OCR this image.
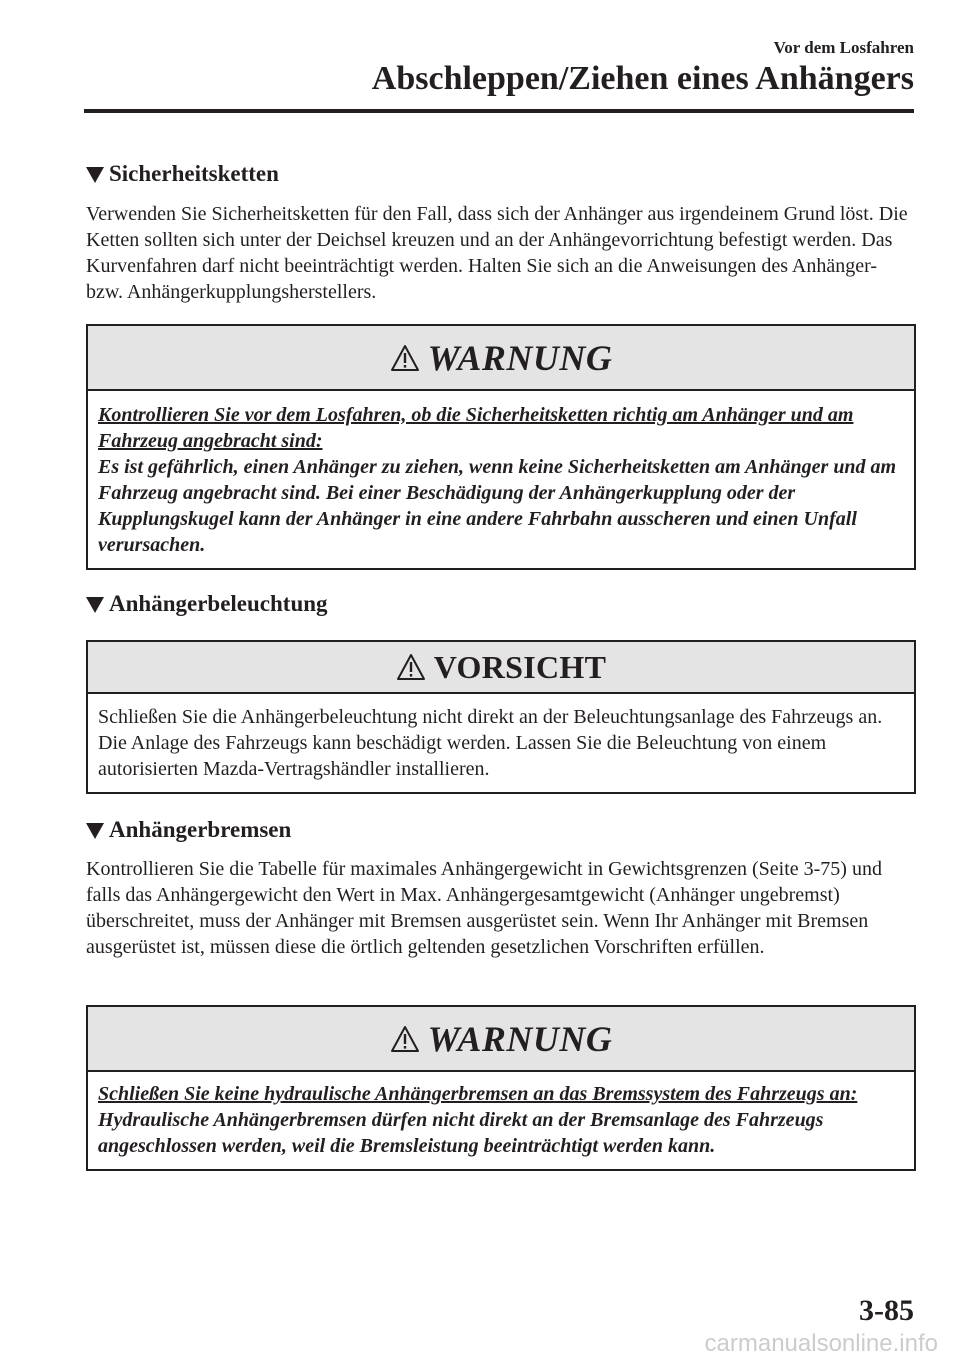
Vor dem Losfahren
Abschleppen/Ziehen eines Anhängers
Sicherheitsketten

Verwenden Sie Sicherheitsketten für den Fall, dass sich der Anhänger aus irgendeinem Grund löst. Die Ketten sollten sich unter der Deichsel kreuzen und an der Anhängevorrichtung befestigt werden. Das Kurvenfahren darf nicht beeinträchtigt werden. Halten Sie sich an die Anweisungen des Anhänger- bzw. Anhängerkupplungsherstellers.

WARNUNG

Kontrollieren Sie vor dem Losfahren, ob die Sicherheitsketten richtig am Anhänger und am Fahrzeug angebracht sind:

Es ist gefährlich, einen Anhänger zu ziehen, wenn keine Sicherheitsketten am Anhänger und am Fahrzeug angebracht sind. Bei einer Beschädigung der Anhängerkupplung oder der Kupplungskugel kann der Anhänger in eine andere Fahrbahn ausscheren und einen Unfall verursachen.

Anhängerbeleuchtung
VORSICHT

Schließen Sie die Anhängerbeleuchtung nicht direkt an der Beleuchtungsanlage des Fahrzeugs an. Die Anlage des Fahrzeugs kann beschädigt werden. Lassen Sie die Beleuchtung von einem autorisierten Mazda-Vertragshändler installieren.

Anhängerbremsen

Kontrollieren Sie die Tabelle für maximales Anhängergewicht in Gewichtsgrenzen (Seite 3-75) und falls das Anhängergewicht den Wert in Max. Anhängergesamtgewicht (Anhänger ungebremst) überschreitet, muss der Anhänger mit Bremsen ausgerüstet sein. Wenn Ihr Anhänger mit Bremsen ausgerüstet ist, müssen diese die örtlich geltenden gesetzlichen Vorschriften erfüllen.

WARNUNG

Schließen Sie keine hydraulische Anhängerbremsen an das Bremssystem des Fahrzeugs an:

Hydraulische Anhängerbremsen dürfen nicht direkt an der Bremsanlage des Fahrzeugs angeschlossen werden, weil die Bremsleistung beeinträchtigt werden kann.

3-85
carmanualsonline.info
